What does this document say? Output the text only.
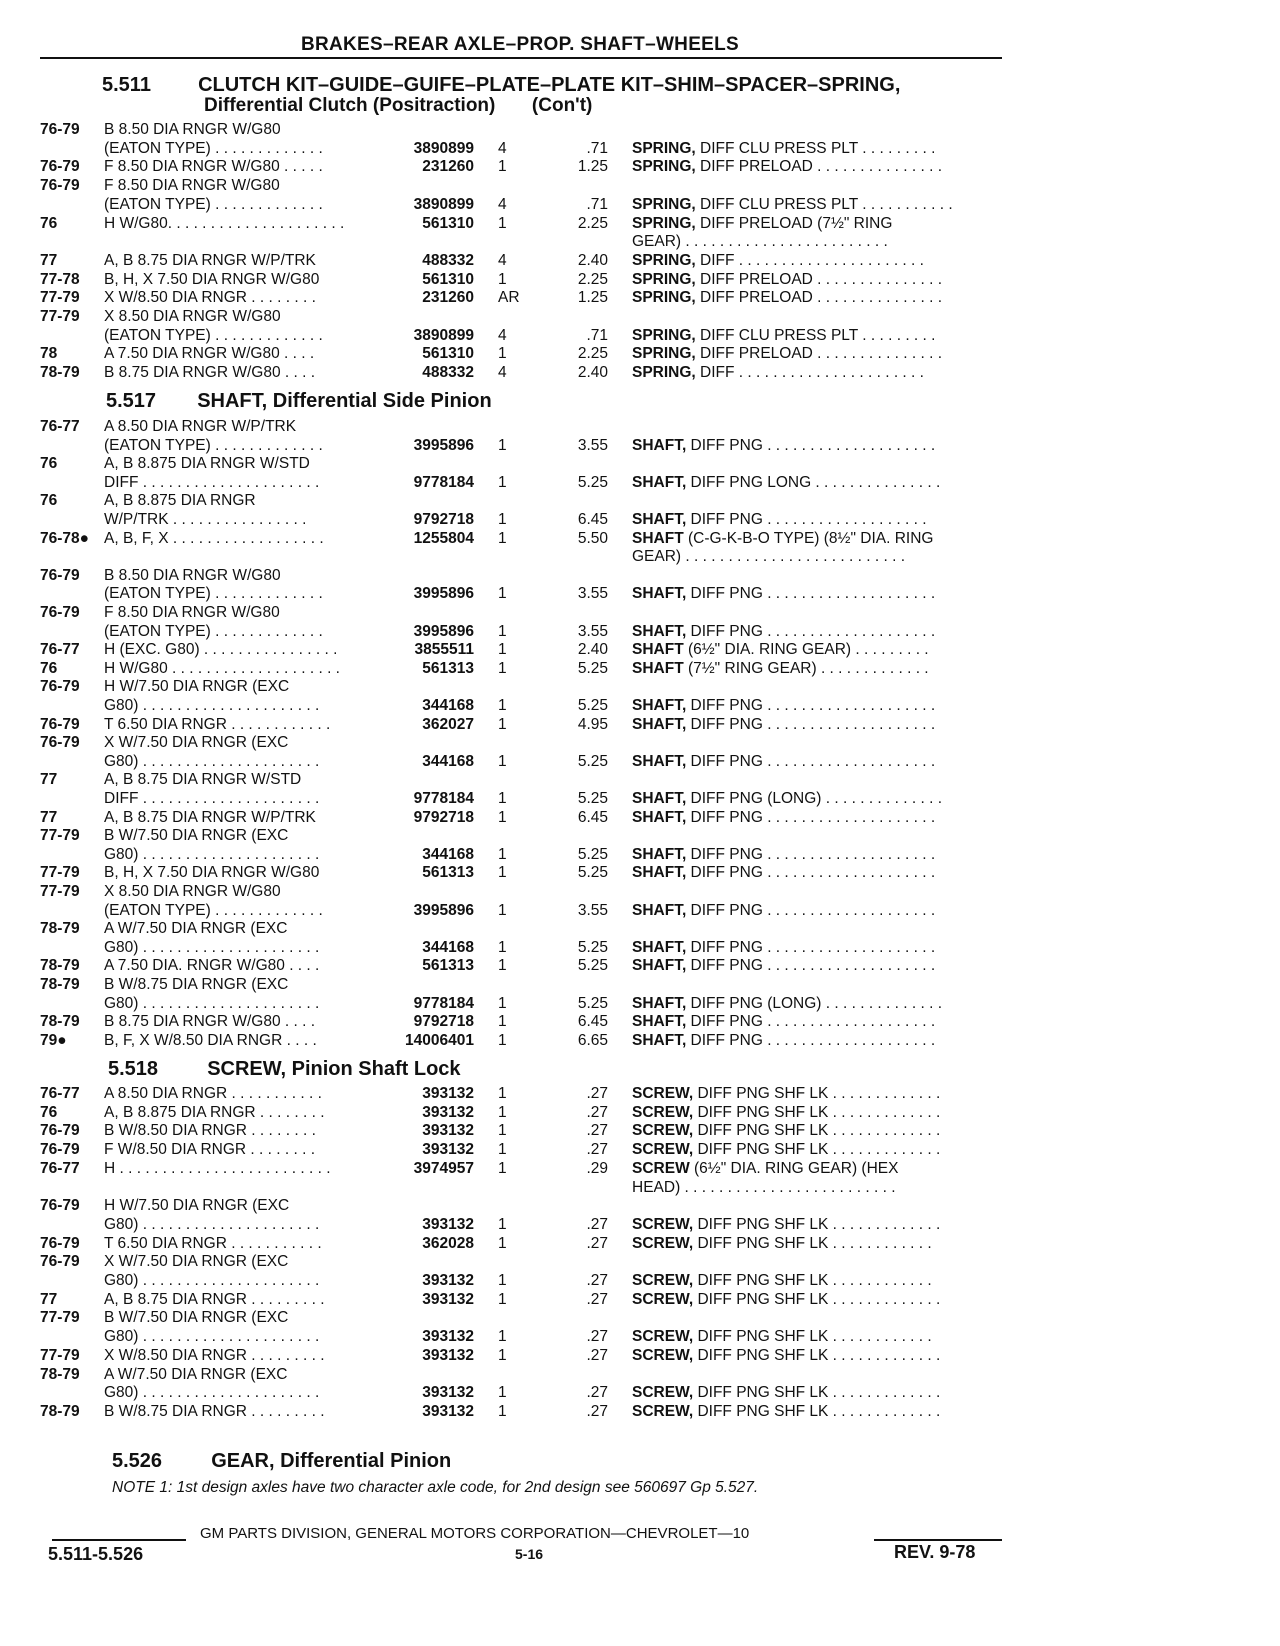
BRAKES–REAR AXLE–PROP. SHAFT–WHEELS
5.511 CLUTCH KIT–GUIDE–GUIFE–PLATE–PLATE KIT–SHIM–SPACER–SPRING,
Differential Clutch (Positraction) (Con't)
76-79 B 8.50 DIA RNGR W/G80
(EATON TYPE) . . . . . . . . . . . . .	3890899 4	.71 SPRING, DIFF CLU PRESS PLT . . . . . . . . .
76-79 F 8.50 DIA RNGR W/G80 . . . . .	231260 1	1.25 SPRING, DIFF PRELOAD . . . . . . . . . . . . . . .
76-79 F 8.50 DIA RNGR W/G80
(EATON TYPE) . . . . . . . . . . . . .	3890899 4	.71 SPRING, DIFF CLU PRESS PLT . . . . . . . . . . .
76	H W/G80. . . . . . . . . . . . . . . . . . . . .	561310 1	2.25 SPRING, DIFF PRELOAD (7½" RING
GEAR) . . . . . . . . . . . . . . . . . . . . . . . .
77	A, B 8.75 DIA RNGR W/P/TRK	488332 4	2.40 SPRING, DIFF . . . . . . . . . . . . . . . . . . . . . .
77-78 B, H, X 7.50 DIA RNGR W/G80	561310 1	2.25 SPRING, DIFF PRELOAD . . . . . . . . . . . . . . .
77-79 X W/8.50 DIA RNGR . . . . . . . .	231260 AR	1.25 SPRING, DIFF PRELOAD . . . . . . . . . . . . . . .
77-79 X 8.50 DIA RNGR W/G80
(EATON TYPE) . . . . . . . . . . . . .	3890899 4	.71 SPRING, DIFF CLU PRESS PLT . . . . . . . . .
78	A 7.50 DIA RNGR W/G80 . . . .	561310 1	2.25 SPRING, DIFF PRELOAD . . . . . . . . . . . . . . .
78-79 B 8.75 DIA RNGR W/G80 . . . .	488332 4	2.40 SPRING, DIFF . . . . . . . . . . . . . . . . . . . . . .
5.517 SHAFT, Differential Side Pinion
76-77 A 8.50 DIA RNGR W/P/TRK
(EATON TYPE) . . . . . . . . . . . . .	3995896 1	3.55 SHAFT, DIFF PNG . . . . . . . . . . . . . . . . . . . .
76	A, B 8.875 DIA RNGR W/STD
DIFF . . . . . . . . . . . . . . . . . . . . .	9778184 1	5.25 SHAFT, DIFF PNG LONG . . . . . . . . . . . . . . .
76	A, B 8.875 DIA RNGR
W/P/TRK . . . . . . . . . . . . . . . .	9792718 1	6.45 SHAFT, DIFF PNG . . . . . . . . . . . . . . . . . . .
76-78● A, B, F, X . . . . . . . . . . . . . . . . . .	1255804 1	5.50 SHAFT (C-G-K-B-O TYPE) (8½" DIA. RING
GEAR) . . . . . . . . . . . . . . . . . . . . . . . . . .
76-79 B 8.50 DIA RNGR W/G80
(EATON TYPE) . . . . . . . . . . . . .	3995896 1	3.55 SHAFT, DIFF PNG . . . . . . . . . . . . . . . . . . . .
76-79 F 8.50 DIA RNGR W/G80
(EATON TYPE) . . . . . . . . . . . . .	3995896 1	3.55 SHAFT, DIFF PNG . . . . . . . . . . . . . . . . . . . .
76-77 H (EXC. G80) . . . . . . . . . . . . . . . .	3855511 1	2.40 SHAFT (6½" DIA. RING GEAR) . . . . . . . . .
76	H W/G80 . . . . . . . . . . . . . . . . . . . .	561313 1	5.25 SHAFT (7½" RING GEAR) . . . . . . . . . . . . .
76-79 H W/7.50 DIA RNGR (EXC
G80) . . . . . . . . . . . . . . . . . . . . .	344168 1	5.25 SHAFT, DIFF PNG . . . . . . . . . . . . . . . . . . . .
76-79 T 6.50 DIA RNGR . . . . . . . . . . . .	362027 1	4.95 SHAFT, DIFF PNG . . . . . . . . . . . . . . . . . . . .
76-79 X W/7.50 DIA RNGR (EXC
G80) . . . . . . . . . . . . . . . . . . . . .	344168 1	5.25 SHAFT, DIFF PNG . . . . . . . . . . . . . . . . . . . .
77	A, B 8.75 DIA RNGR W/STD
DIFF . . . . . . . . . . . . . . . . . . . . .	9778184 1	5.25 SHAFT, DIFF PNG (LONG) . . . . . . . . . . . . . .
77	A, B 8.75 DIA RNGR W/P/TRK	9792718 1	6.45 SHAFT, DIFF PNG . . . . . . . . . . . . . . . . . . . .
77-79 B W/7.50 DIA RNGR (EXC
G80) . . . . . . . . . . . . . . . . . . . . .	344168 1	5.25 SHAFT, DIFF PNG . . . . . . . . . . . . . . . . . . . .
77-79 B, H, X 7.50 DIA RNGR W/G80	561313 1	5.25 SHAFT, DIFF PNG . . . . . . . . . . . . . . . . . . . .
77-79 X 8.50 DIA RNGR W/G80
(EATON TYPE) . . . . . . . . . . . . .	3995896 1	3.55 SHAFT, DIFF PNG . . . . . . . . . . . . . . . . . . . .
78-79 A W/7.50 DIA RNGR (EXC
G80) . . . . . . . . . . . . . . . . . . . . .	344168 1	5.25 SHAFT, DIFF PNG . . . . . . . . . . . . . . . . . . . .
78-79 A 7.50 DIA. RNGR W/G80 . . . .	561313 1	5.25 SHAFT, DIFF PNG . . . . . . . . . . . . . . . . . . . .
78-79 B W/8.75 DIA RNGR (EXC
G80) . . . . . . . . . . . . . . . . . . . . .	9778184 1	5.25 SHAFT, DIFF PNG (LONG) . . . . . . . . . . . . . .
78-79 B 8.75 DIA RNGR W/G80 . . . .	9792718 1	6.45 SHAFT, DIFF PNG . . . . . . . . . . . . . . . . . . . .
79● B, F, X W/8.50 DIA RNGR . . . .	14006401 1	6.65 SHAFT, DIFF PNG . . . . . . . . . . . . . . . . . . . .
5.518 SCREW, Pinion Shaft Lock
76-77 A 8.50 DIA RNGR . . . . . . . . . . .	393132 1	.27 SCREW, DIFF PNG SHF LK . . . . . . . . . . . . .
76	A, B 8.875 DIA RNGR . . . . . . . .	393132 1	.27 SCREW, DIFF PNG SHF LK . . . . . . . . . . . . .
76-79 B W/8.50 DIA RNGR . . . . . . . .	393132 1	.27 SCREW, DIFF PNG SHF LK . . . . . . . . . . . . .
76-79 F W/8.50 DIA RNGR . . . . . . . .	393132 1	.27 SCREW, DIFF PNG SHF LK . . . . . . . . . . . . .
76-77 H . . . . . . . . . . . . . . . . . . . . . . . . .	3974957 1	.29 SCREW (6½" DIA. RING GEAR) (HEX
HEAD) . . . . . . . . . . . . . . . . . . . . . . . . .
76-79 H W/7.50 DIA RNGR (EXC
G80) . . . . . . . . . . . . . . . . . . . . .	393132 1	.27 SCREW, DIFF PNG SHF LK . . . . . . . . . . . . .
76-79 T 6.50 DIA RNGR . . . . . . . . . . .	362028 1	.27 SCREW, DIFF PNG SHF LK . . . . . . . . . . . .
76-79 X W/7.50 DIA RNGR (EXC
G80) . . . . . . . . . . . . . . . . . . . . .	393132 1	.27 SCREW, DIFF PNG SHF LK . . . . . . . . . . . .
77	A, B 8.75 DIA RNGR . . . . . . . . .	393132 1	.27 SCREW, DIFF PNG SHF LK . . . . . . . . . . . . .
77-79 B W/7.50 DIA RNGR (EXC
G80) . . . . . . . . . . . . . . . . . . . . .	393132 1	.27 SCREW, DIFF PNG SHF LK . . . . . . . . . . . .
77-79 X W/8.50 DIA RNGR . . . . . . . . .	393132 1	.27 SCREW, DIFF PNG SHF LK . . . . . . . . . . . . .
78-79 A W/7.50 DIA RNGR (EXC
G80) . . . . . . . . . . . . . . . . . . . . .	393132 1	.27 SCREW, DIFF PNG SHF LK . . . . . . . . . . . . .
78-79 B W/8.75 DIA RNGR . . . . . . . . .	393132 1	.27 SCREW, DIFF PNG SHF LK . . . . . . . . . . . . .
5.526 GEAR, Differential Pinion
NOTE 1: 1st design axles have two character axle code, for 2nd design see 560697 Gp 5.527.
GM PARTS DIVISION, GENERAL MOTORS CORPORATION—CHEVROLET—10
5.511-5.526	5-16	REV. 9-78
